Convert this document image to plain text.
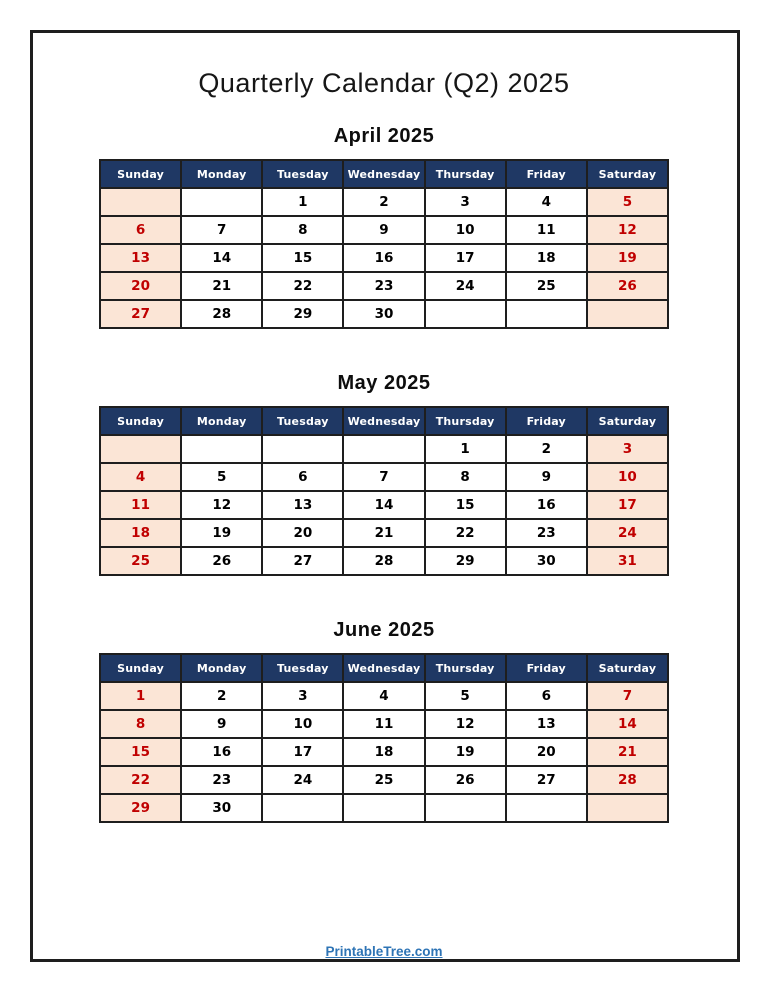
Quarterly Calendar (Q2) 2025
April 2025
Sunday	Monday	Tuesday	Wednesday	Thursday	Friday	Saturday
		1	2	3	4	5
6	7	8	9	10	11	12
13	14	15	16	17	18	19
20	21	22	23	24	25	26
27	28	29	30			
May 2025
Sunday	Monday	Tuesday	Wednesday	Thursday	Friday	Saturday
				1	2	3
4	5	6	7	8	9	10
11	12	13	14	15	16	17
18	19	20	21	22	23	24
25	26	27	28	29	30	31
June 2025
Sunday	Monday	Tuesday	Wednesday	Thursday	Friday	Saturday
1	2	3	4	5	6	7
8	9	10	11	12	13	14
15	16	17	18	19	20	21
22	23	24	25	26	27	28
29	30					
PrintableTree.com
